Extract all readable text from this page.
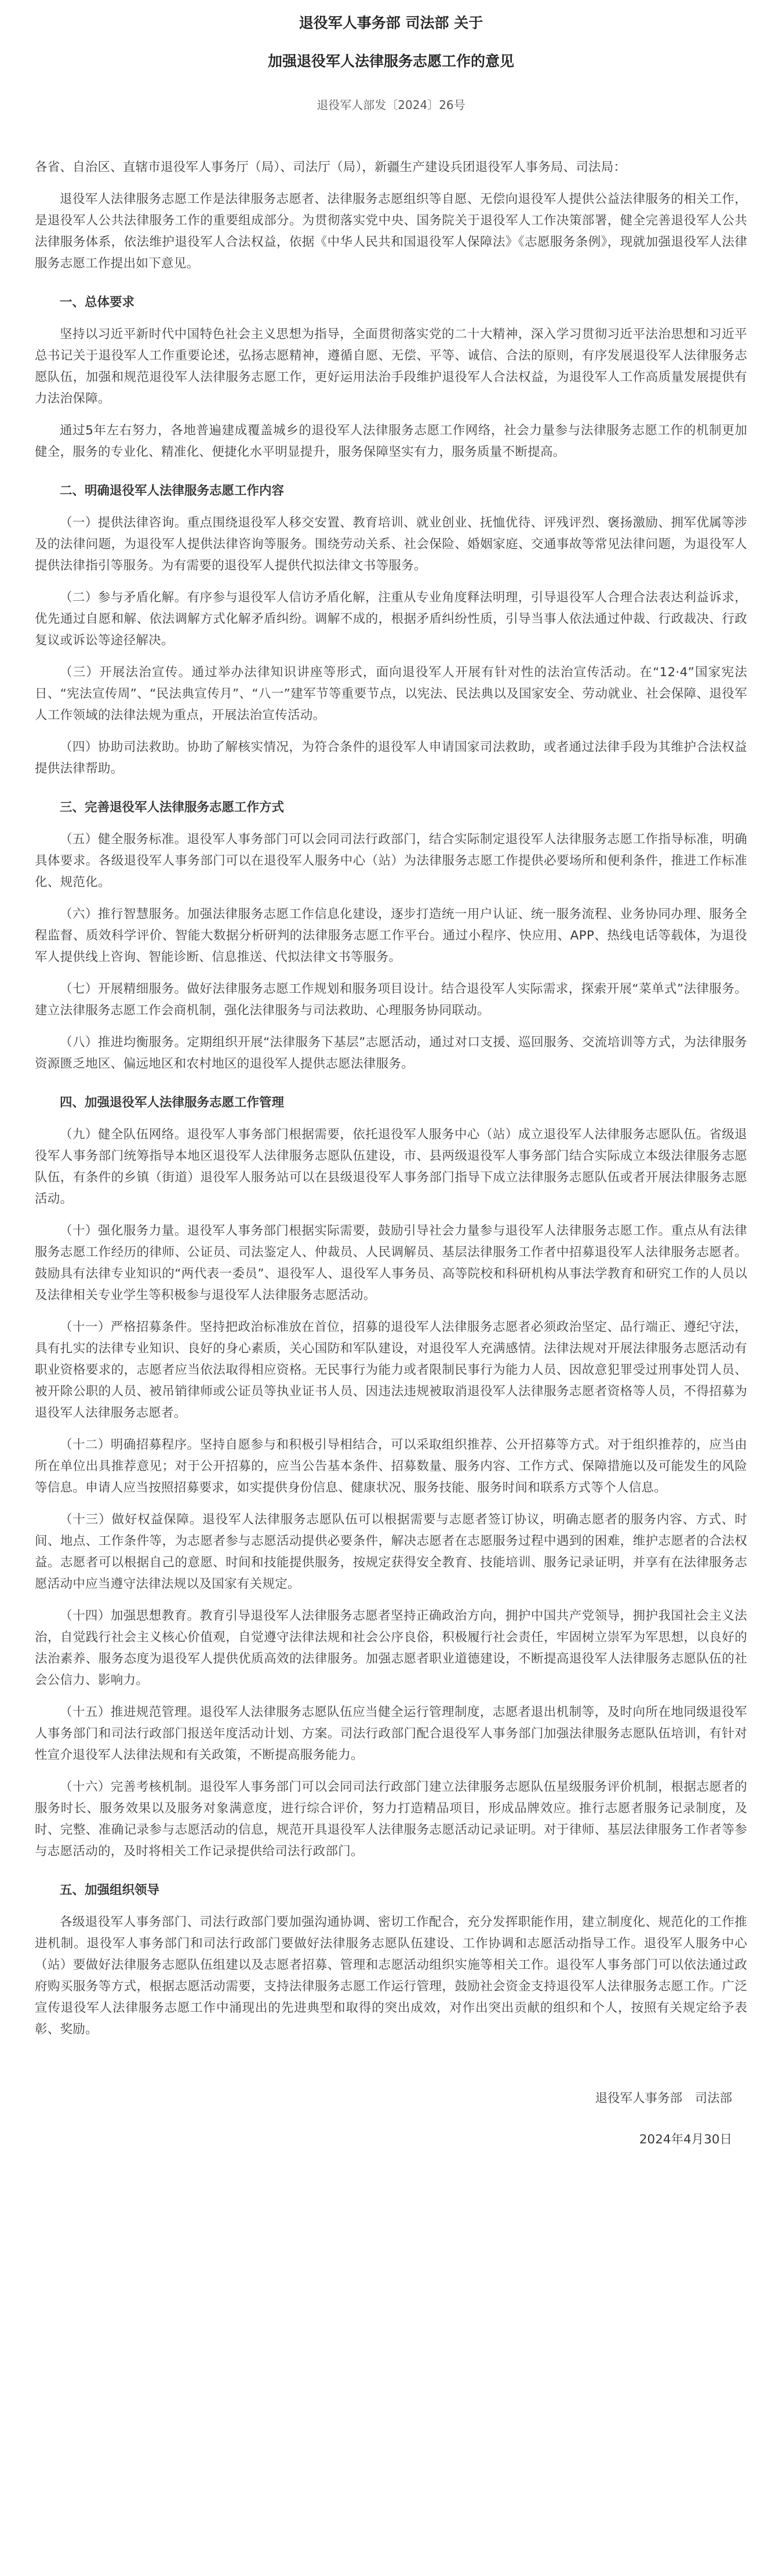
退役军人事务部 司法部 关于
加强退役军人法律服务志愿工作的意见
退役军人部发〔2024〕26号
各省、自治区、直辖市退役军人事务厅（局）、司法厅（局），新疆生产建设兵团退役军人事务局、司法局：

退役军人法律服务志愿工作是法律服务志愿者、法律服务志愿组织等自愿、无偿向退役军人提供公益法律服务的相关工作，是退役军人公共法律服务工作的重要组成部分。为贯彻落实党中央、国务院关于退役军人工作决策部署，健全完善退役军人公共法律服务体系，依法维护退役军人合法权益，依据《中华人民共和国退役军人保障法》《志愿服务条例》，现就加强退役军人法律服务志愿工作提出如下意见。

一、总体要求

坚持以习近平新时代中国特色社会主义思想为指导，全面贯彻落实党的二十大精神，深入学习贯彻习近平法治思想和习近平总书记关于退役军人工作重要论述，弘扬志愿精神，遵循自愿、无偿、平等、诚信、合法的原则，有序发展退役军人法律服务志愿队伍，加强和规范退役军人法律服务志愿工作，更好运用法治手段维护退役军人合法权益，为退役军人工作高质量发展提供有力法治保障。

通过5年左右努力，各地普遍建成覆盖城乡的退役军人法律服务志愿工作网络，社会力量参与法律服务志愿工作的机制更加健全，服务的专业化、精准化、便捷化水平明显提升，服务保障坚实有力，服务质量不断提高。

二、明确退役军人法律服务志愿工作内容

（一）提供法律咨询。重点围绕退役军人移交安置、教育培训、就业创业、抚恤优待、评残评烈、褒扬激励、拥军优属等涉及的法律问题，为退役军人提供法律咨询等服务。围绕劳动关系、社会保险、婚姻家庭、交通事故等常见法律问题，为退役军人提供法律指引等服务。为有需要的退役军人提供代拟法律文书等服务。

（二）参与矛盾化解。有序参与退役军人信访矛盾化解，注重从专业角度释法明理，引导退役军人合理合法表达利益诉求，优先通过自愿和解、依法调解方式化解矛盾纠纷。调解不成的，根据矛盾纠纷性质，引导当事人依法通过仲裁、行政裁决、行政复议或诉讼等途径解决。

（三）开展法治宣传。通过举办法律知识讲座等形式，面向退役军人开展有针对性的法治宣传活动。在“12·4”国家宪法日、“宪法宣传周”、“民法典宣传月”、“八一”建军节等重要节点，以宪法、民法典以及国家安全、劳动就业、社会保障、退役军人工作领域的法律法规为重点，开展法治宣传活动。

（四）协助司法救助。协助了解核实情况，为符合条件的退役军人申请国家司法救助，或者通过法律手段为其维护合法权益提供法律帮助。

三、完善退役军人法律服务志愿工作方式

（五）健全服务标准。退役军人事务部门可以会同司法行政部门，结合实际制定退役军人法律服务志愿工作指导标准，明确具体要求。各级退役军人事务部门可以在退役军人服务中心（站）为法律服务志愿工作提供必要场所和便利条件，推进工作标准化、规范化。

（六）推行智慧服务。加强法律服务志愿工作信息化建设，逐步打造统一用户认证、统一服务流程、业务协同办理、服务全程监督、质效科学评价、智能大数据分析研判的法律服务志愿工作平台。通过小程序、快应用、APP、热线电话等载体，为退役军人提供线上咨询、智能诊断、信息推送、代拟法律文书等服务。

（七）开展精细服务。做好法律服务志愿工作规划和服务项目设计。结合退役军人实际需求，探索开展“菜单式”法律服务。建立法律服务志愿工作会商机制，强化法律服务与司法救助、心理服务协同联动。

（八）推进均衡服务。定期组织开展“法律服务下基层”志愿活动，通过对口支援、巡回服务、交流培训等方式，为法律服务资源匮乏地区、偏远地区和农村地区的退役军人提供志愿法律服务。

四、加强退役军人法律服务志愿工作管理

（九）健全队伍网络。退役军人事务部门根据需要，依托退役军人服务中心（站）成立退役军人法律服务志愿队伍。省级退役军人事务部门统筹指导本地区退役军人法律服务志愿队伍建设，市、县两级退役军人事务部门结合实际成立本级法律服务志愿队伍，有条件的乡镇（街道）退役军人服务站可以在县级退役军人事务部门指导下成立法律服务志愿队伍或者开展法律服务志愿活动。

（十）强化服务力量。退役军人事务部门根据实际需要，鼓励引导社会力量参与退役军人法律服务志愿工作。重点从有法律服务志愿工作经历的律师、公证员、司法鉴定人、仲裁员、人民调解员、基层法律服务工作者中招募退役军人法律服务志愿者。鼓励具有法律专业知识的“两代表一委员”、退役军人、退役军人事务员、高等院校和科研机构从事法学教育和研究工作的人员以及法律相关专业学生等积极参与退役军人法律服务志愿活动。

（十一）严格招募条件。坚持把政治标准放在首位，招募的退役军人法律服务志愿者必须政治坚定、品行端正、遵纪守法，具有扎实的法律专业知识、良好的身心素质，关心国防和军队建设，对退役军人充满感情。法律法规对开展法律服务志愿活动有职业资格要求的，志愿者应当依法取得相应资格。无民事行为能力或者限制民事行为能力人员、因故意犯罪受过刑事处罚人员、被开除公职的人员、被吊销律师或公证员等执业证书人员、因违法违规被取消退役军人法律服务志愿者资格等人员，不得招募为退役军人法律服务志愿者。

（十二）明确招募程序。坚持自愿参与和积极引导相结合，可以采取组织推荐、公开招募等方式。对于组织推荐的，应当由所在单位出具推荐意见；对于公开招募的，应当公告基本条件、招募数量、服务内容、工作方式、保障措施以及可能发生的风险等信息。申请人应当按照招募要求，如实提供身份信息、健康状况、服务技能、服务时间和联系方式等个人信息。

（十三）做好权益保障。退役军人法律服务志愿队伍可以根据需要与志愿者签订协议，明确志愿者的服务内容、方式、时间、地点、工作条件等，为志愿者参与志愿活动提供必要条件，解决志愿者在志愿服务过程中遇到的困难，维护志愿者的合法权益。志愿者可以根据自己的意愿、时间和技能提供服务，按规定获得安全教育、技能培训、服务记录证明，并享有在法律服务志愿活动中应当遵守法律法规以及国家有关规定。

（十四）加强思想教育。教育引导退役军人法律服务志愿者坚持正确政治方向，拥护中国共产党领导，拥护我国社会主义法治，自觉践行社会主义核心价值观，自觉遵守法律法规和社会公序良俗，积极履行社会责任，牢固树立崇军为军思想，以良好的法治素养、服务态度为退役军人提供优质高效的法律服务。加强志愿者职业道德建设，不断提高退役军人法律服务志愿队伍的社会公信力、影响力。

（十五）推进规范管理。退役军人法律服务志愿队伍应当健全运行管理制度，志愿者退出机制等，及时向所在地同级退役军人事务部门和司法行政部门报送年度活动计划、方案。司法行政部门配合退役军人事务部门加强法律服务志愿队伍培训，有针对性宣介退役军人法律法规和有关政策，不断提高服务能力。

（十六）完善考核机制。退役军人事务部门可以会同司法行政部门建立法律服务志愿队伍星级服务评价机制，根据志愿者的服务时长、服务效果以及服务对象满意度，进行综合评价，努力打造精品项目，形成品牌效应。推行志愿者服务记录制度，及时、完整、准确记录参与志愿活动的信息，规范开具退役军人法律服务志愿活动记录证明。对于律师、基层法律服务工作者等参与志愿活动的，及时将相关工作记录提供给司法行政部门。

五、加强组织领导

各级退役军人事务部门、司法行政部门要加强沟通协调、密切工作配合，充分发挥职能作用，建立制度化、规范化的工作推进机制。退役军人事务部门和司法行政部门要做好法律服务志愿队伍建设、工作协调和志愿活动指导工作。退役军人服务中心（站）要做好法律服务志愿队伍组建以及志愿者招募、管理和志愿活动组织实施等相关工作。退役军人事务部门可以依法通过政府购买服务等方式，根据志愿活动需要，支持法律服务志愿工作运行管理，鼓励社会资金支持退役军人法律服务志愿工作。广泛宣传退役军人法律服务志愿工作中涌现出的先进典型和取得的突出成效，对作出突出贡献的组织和个人，按照有关规定给予表彰、奖励。

退役军人事务部　司法部
2024年4月30日
